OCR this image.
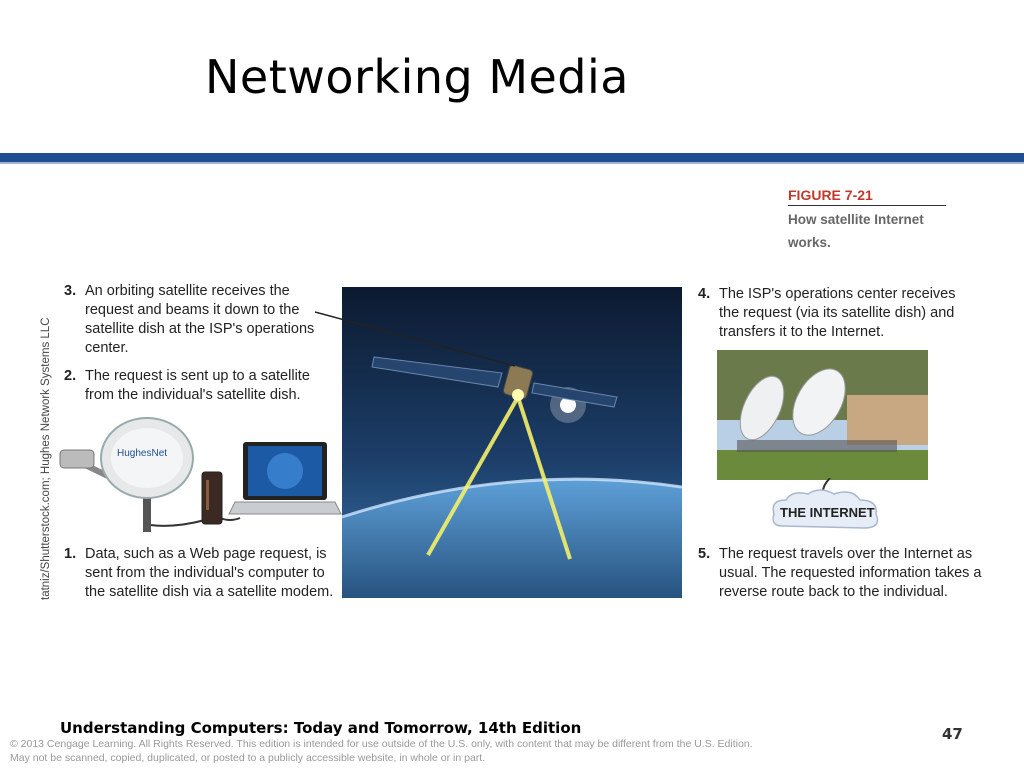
Networking Media
FIGURE 7-21
How satellite Internet works.
3. An orbiting satellite receives the request and beams it down to the satellite dish at the ISP's operations center.
2. The request is sent up to a satellite from the individual's satellite dish.
1. Data, such as a Web page request, is sent from the individual's computer to the satellite dish via a satellite modem.
4. The ISP's operations center receives the request (via its satellite dish) and transfers it to the Internet.
5. The request travels over the Internet as usual. The requested information takes a reverse route back to the individual.
tatniz/Shutterstock.com; Hughes Network Systems LLC	HughesNet
THE INTERNET
Understanding Computers: Today and Tomorrow, 14th Edition	47
© 2013 Cengage Learning. All Rights Reserved. This edition is intended for use outside of the U.S. only, with content that may be different from the U.S. Edition.
May not be scanned, copied, duplicated, or posted to a publicly accessible website, in whole or in part.
